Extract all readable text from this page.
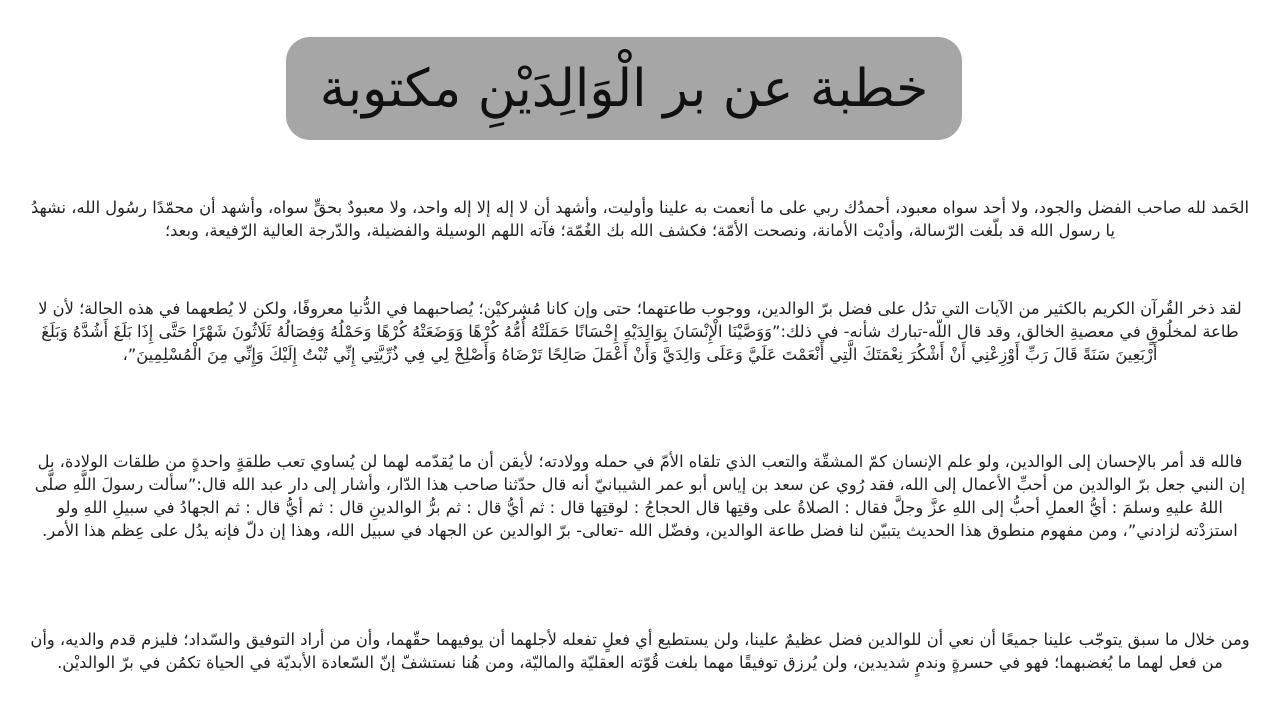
خطبة عن بر الْوَالِدَيْنِ مكتوبة

الحَمد لله صاحب الفضل والجود، ولا أحد سواه معبود، أحمدُك ربي على ما أنعمت به علينا وأوليت، وأشهد أن لا إله إلا إله واحد، ولا معبودٌ بحقٍّ سواه، وأشهد أن محمّدًا رسُول الله، نشهدُ يا رسول الله قد بلّغت الرّسالة، وأديْت الأمانة، ونصحت الأمّة؛ فكشف الله بك الغُمّة؛ فآته اللهم الوسيلة والفضيلة، والدّرجة العالية الرّفيعة، وبعد؛

لقد ذخر القُرآن الكريم بالكثير من الآيات التي تدُل على فضل برّ الوالدين، ووجوب طاعتهما؛ حتى وإن كانا مُشركيْن؛ يُصاحبهما في الدُّنيا معروفًا، ولكن لا يُطعهما في هذه الحالة؛ لأن لا طاعة لمخلُوقٍ في معصيةِ الخالق، وقد قال اللّه-تبارك شأنه- في ذلك:”وَوَصَّيْنَا الْإِنْسَانَ بِوَالِدَيْهِ إِحْسَانًا حَمَلَتْهُ أُمُّهُ كُرْهًا وَوَضَعَتْهُ كُرْهًا وَحَمْلُهُ وَفِصَالُهُ ثَلَاثُونَ شَهْرًا حَتَّى إِذَا بَلَغَ أَشُدَّهُ وَبَلَغَ أَرْبَعِينَ سَنَةً قَالَ رَبِّ أَوْزِعْنِي أَنْ أَشْكُرَ نِعْمَتَكَ الَّتِي أَنْعَمْتَ عَلَيَّ وَعَلَى وَالِدَيَّ وَأَنْ أَعْمَلَ صَالِحًا تَرْضَاهُ وَأَصْلِحْ لِي فِي ذُرِّيَّتِي إِنِّي تُبْتُ إِلَيْكَ وَإِنِّي مِنَ الْمُسْلِمِينَ”،

فالله قد أمر بالإحسان إلى الوالدين، ولو علم الإنسان كمّ المشقّة والتعب الذي تلقاه الأمّ في حمله وولادته؛ لأيقن أن ما يُقدّمه لهما لن يُساوي تعب طلقةٍ واحدةٍ من طلقات الولادة، بل إن النبي جعل برّ الوالدين من أحبِّ الأعمال إلى الله، فقد رُوي عن سعد بن إياس أبو عمر الشيبانيّ أنه قال حدّثنا صاحب هذا الدّار، وأشار إلى دار عبد الله قال:”سألت رسولَ اللَّهِ صلَّى اللهُ عليهِ وسلمَ : أيُّ العملِ أحبُّ إلى اللهِ عزَّ وجلَّ فقال : الصلاةُ على وقتِها قال الحجاجُ : لوقتِها قال : ثم أيُّ قال : ثم برُّ الوالدينِ قال : ثم أيُّ قال : ثم الجهادُ في سبيلِ اللهِ ولو استزدْته لزادني”، ومن مفهوم منطوق هذا الحديث يتبيّن لنا فضل طاعة الوالدين، وفضّل الله -تعالى- برّ الوالدين عن الجهاد في سبيل الله، وهذا إن دلّ فإنه يدُل على عِظم هذا الأمر.

ومن خلال ما سبق يتوجّب علينا جميعًا أن نعي أن للوالدين فضل عظيمٌ علينا، ولن يستطيع أي فعلٍ تفعله لأجلهما أن يوفيهما حقّهما، وأن من أراد التوفيق والسّداد؛ فليزم قدم والديه، وأن من فعل لهما ما يُغضبهما؛ فهو في حسرةٍ وندمٍ شديدين، ولن يُرزق توفيقًا مهما بلغت قُوّته العقليّة والماليّة، ومن هُنا نستشفّ إنّ السّعادة الأبديّة في الحياة تكمُن في برّ الوالديْن.
